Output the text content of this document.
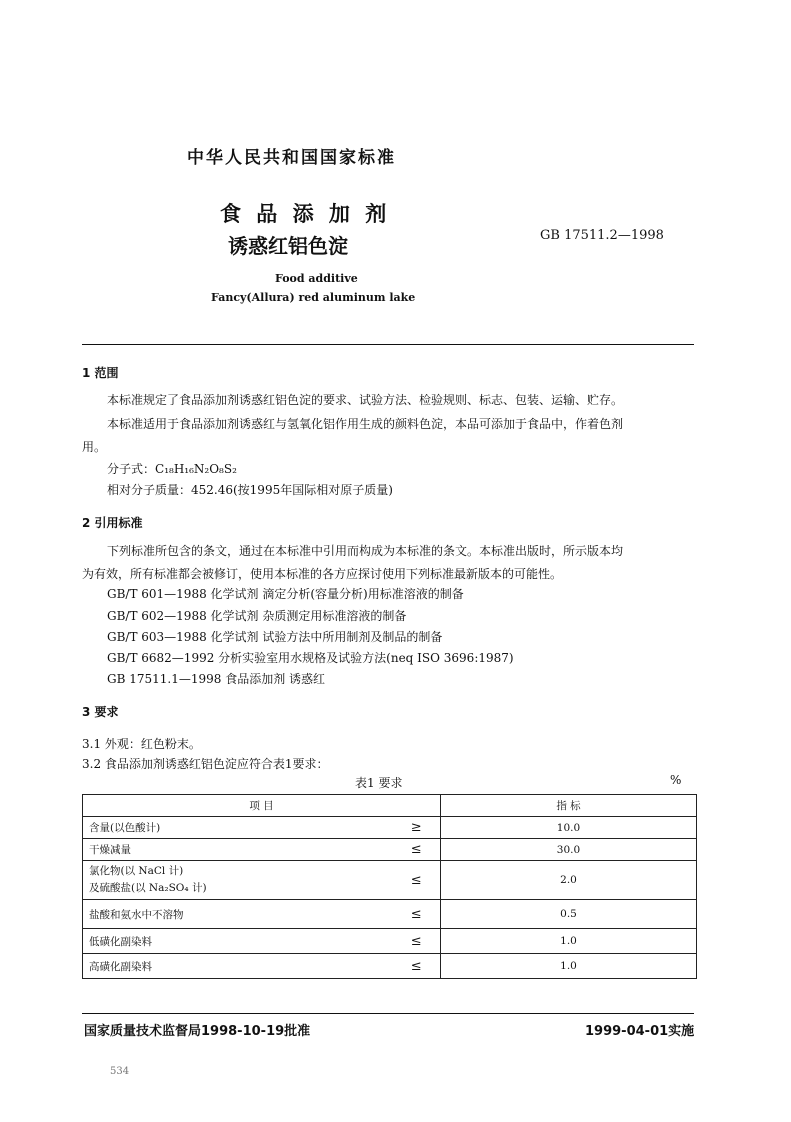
中华人民共和国国家标准
食 品 添 加 剂
诱惑红铝色淀	GB 17511.2—1998
Food additive
Fancy(Allura) red aluminum lake
1 范围
本标准规定了食品添加剂诱惑红铝色淀的要求、试验方法、检验规则、标志、包装、运输、贮存。
本标准适用于食品添加剂诱惑红与氢氧化铝作用生成的颜料色淀，本品可添加于食品中，作着色剂
用。
分子式：C₁₈H₁₆N₂O₈S₂
相对分子质量：452.46(按1995年国际相对原子质量)
2 引用标准
下列标准所包含的条文，通过在本标准中引用而构成为本标准的条文。本标准出版时，所示版本均
为有效，所有标准都会被修订，使用本标准的各方应探讨使用下列标准最新版本的可能性。
GB/T 601—1988 化学试剂 滴定分析(容量分析)用标准溶液的制备
GB/T 602—1988 化学试剂 杂质测定用标准溶液的制备
GB/T 603—1988 化学试剂 试验方法中所用制剂及制品的制备
GB/T 6682—1992 分析实验室用水规格及试验方法(neq ISO 3696:1987)
GB 17511.1—1998 食品添加剂 诱惑红
3 要求
3.1 外观：红色粉末。
3.2 食品添加剂诱惑红铝色淀应符合表1要求：
表1 要求	%
项 目		指 标
含量(以色酸计)	≥	10.0
干燥减量	≤	30.0

氯化物(以 NaCl 计)
及硫酸盐(以 Na₂SO₄ 计)	≤	2.0
盐酸和氨水中不溶物	≤	0.5
低磺化副染料	≤	1.0
高磺化副染料	≤	1.0
国家质量技术监督局1998-10-19批准	1999-04-01实施
534
